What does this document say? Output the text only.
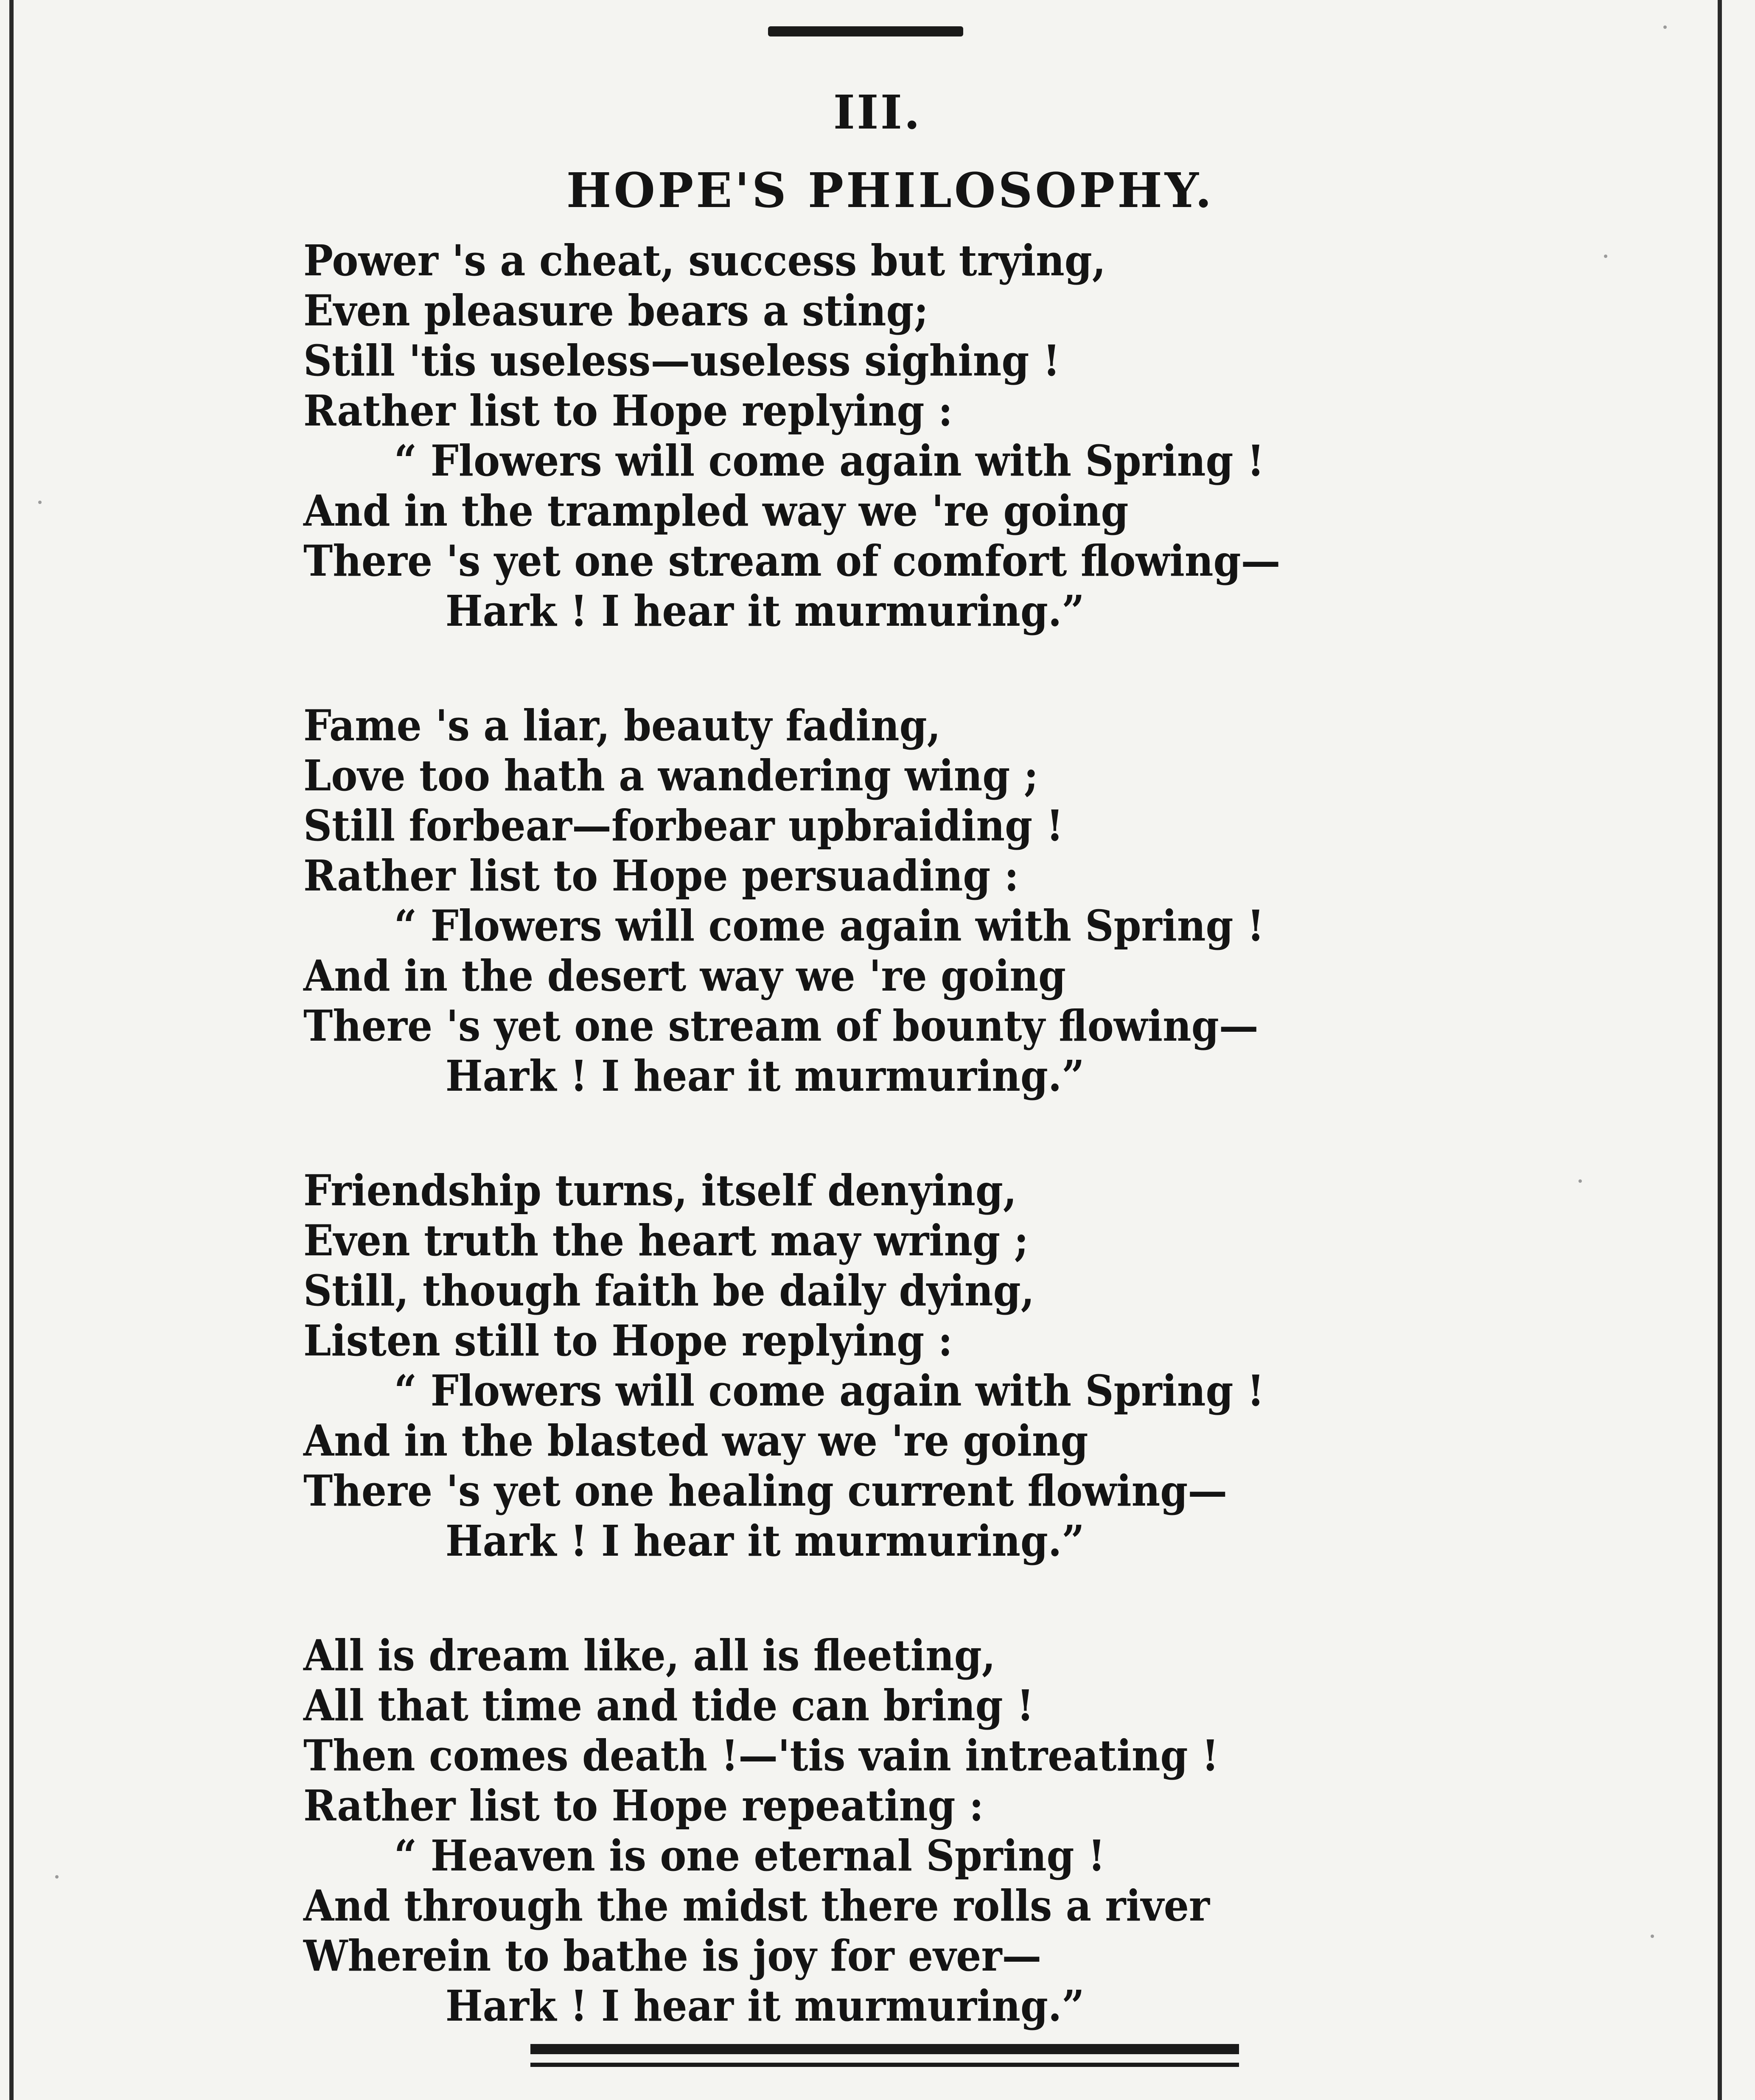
III.
HOPE'S PHILOSOPHY.
Power 's a cheat, success but trying,
Even pleasure bears a sting;
Still 'tis useless—useless sighing !
Rather list to Hope replying :
“ Flowers will come again with Spring !
And in the trampled way we 're going
There 's yet one stream of comfort flowing—
Hark ! I hear it murmuring.”
Fame 's a liar, beauty fading,
Love too hath a wandering wing ;
Still forbear—forbear upbraiding !
Rather list to Hope persuading :
“ Flowers will come again with Spring !
And in the desert way we 're going
There 's yet one stream of bounty flowing—
Hark ! I hear it murmuring.”
Friendship turns, itself denying,
Even truth the heart may wring ;
Still, though faith be daily dying,
Listen still to Hope replying :
“ Flowers will come again with Spring !
And in the blasted way we 're going
There 's yet one healing current flowing—
Hark ! I hear it murmuring.”
All is dream like, all is fleeting,
All that time and tide can bring !
Then comes death !—'tis vain intreating !
Rather list to Hope repeating :
“ Heaven is one eternal Spring !
And through the midst there rolls a river
Wherein to bathe is joy for ever—
Hark ! I hear it murmuring.”
